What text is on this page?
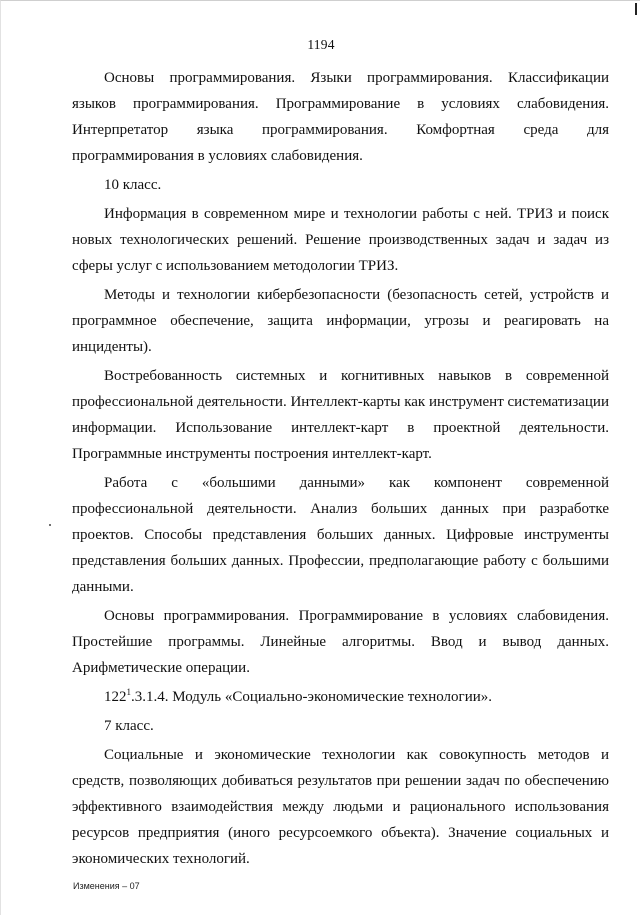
1194

Основы программирования. Языки программирования. Классификации языков программирования. Программирование в условиях слабовидения. Интерпретатор языка программирования. Комфортная среда для программирования в условиях слабовидения.

10 класс.

Информация в современном мире и технологии работы с ней. ТРИЗ и поиск новых технологических решений. Решение производственных задач и задач из сферы услуг с использованием методологии ТРИЗ.

Методы и технологии кибербезопасности (безопасность сетей, устройств и программное обеспечение, защита информации, угрозы и реагировать на инциденты).

Востребованность системных и когнитивных навыков в современной профессиональной деятельности. Интеллект-карты как инструмент систематизации информации. Использование интеллект-карт в проектной деятельности. Программные инструменты построения интеллект-карт.

Работа с «большими данными» как компонент современной профессиональной деятельности. Анализ больших данных при разработке проектов. Способы представления больших данных. Цифровые инструменты представления больших данных. Профессии, предполагающие работу с большими данными.

Основы программирования. Программирование в условиях слабовидения. Простейшие программы. Линейные алгоритмы. Ввод и вывод данных. Арифметические операции.

$122^1.3.1.4$. Модуль «Социально-экономические технологии».

7 класс.

Социальные и экономические технологии как совокупность методов и средств, позволяющих добиваться результатов при решении задач по обеспечению эффективного взаимодействия между людьми и рационального использования ресурсов предприятия (иного ресурсоемкого объекта). Значение социальных и экономических технологий.

Изменения – 07
